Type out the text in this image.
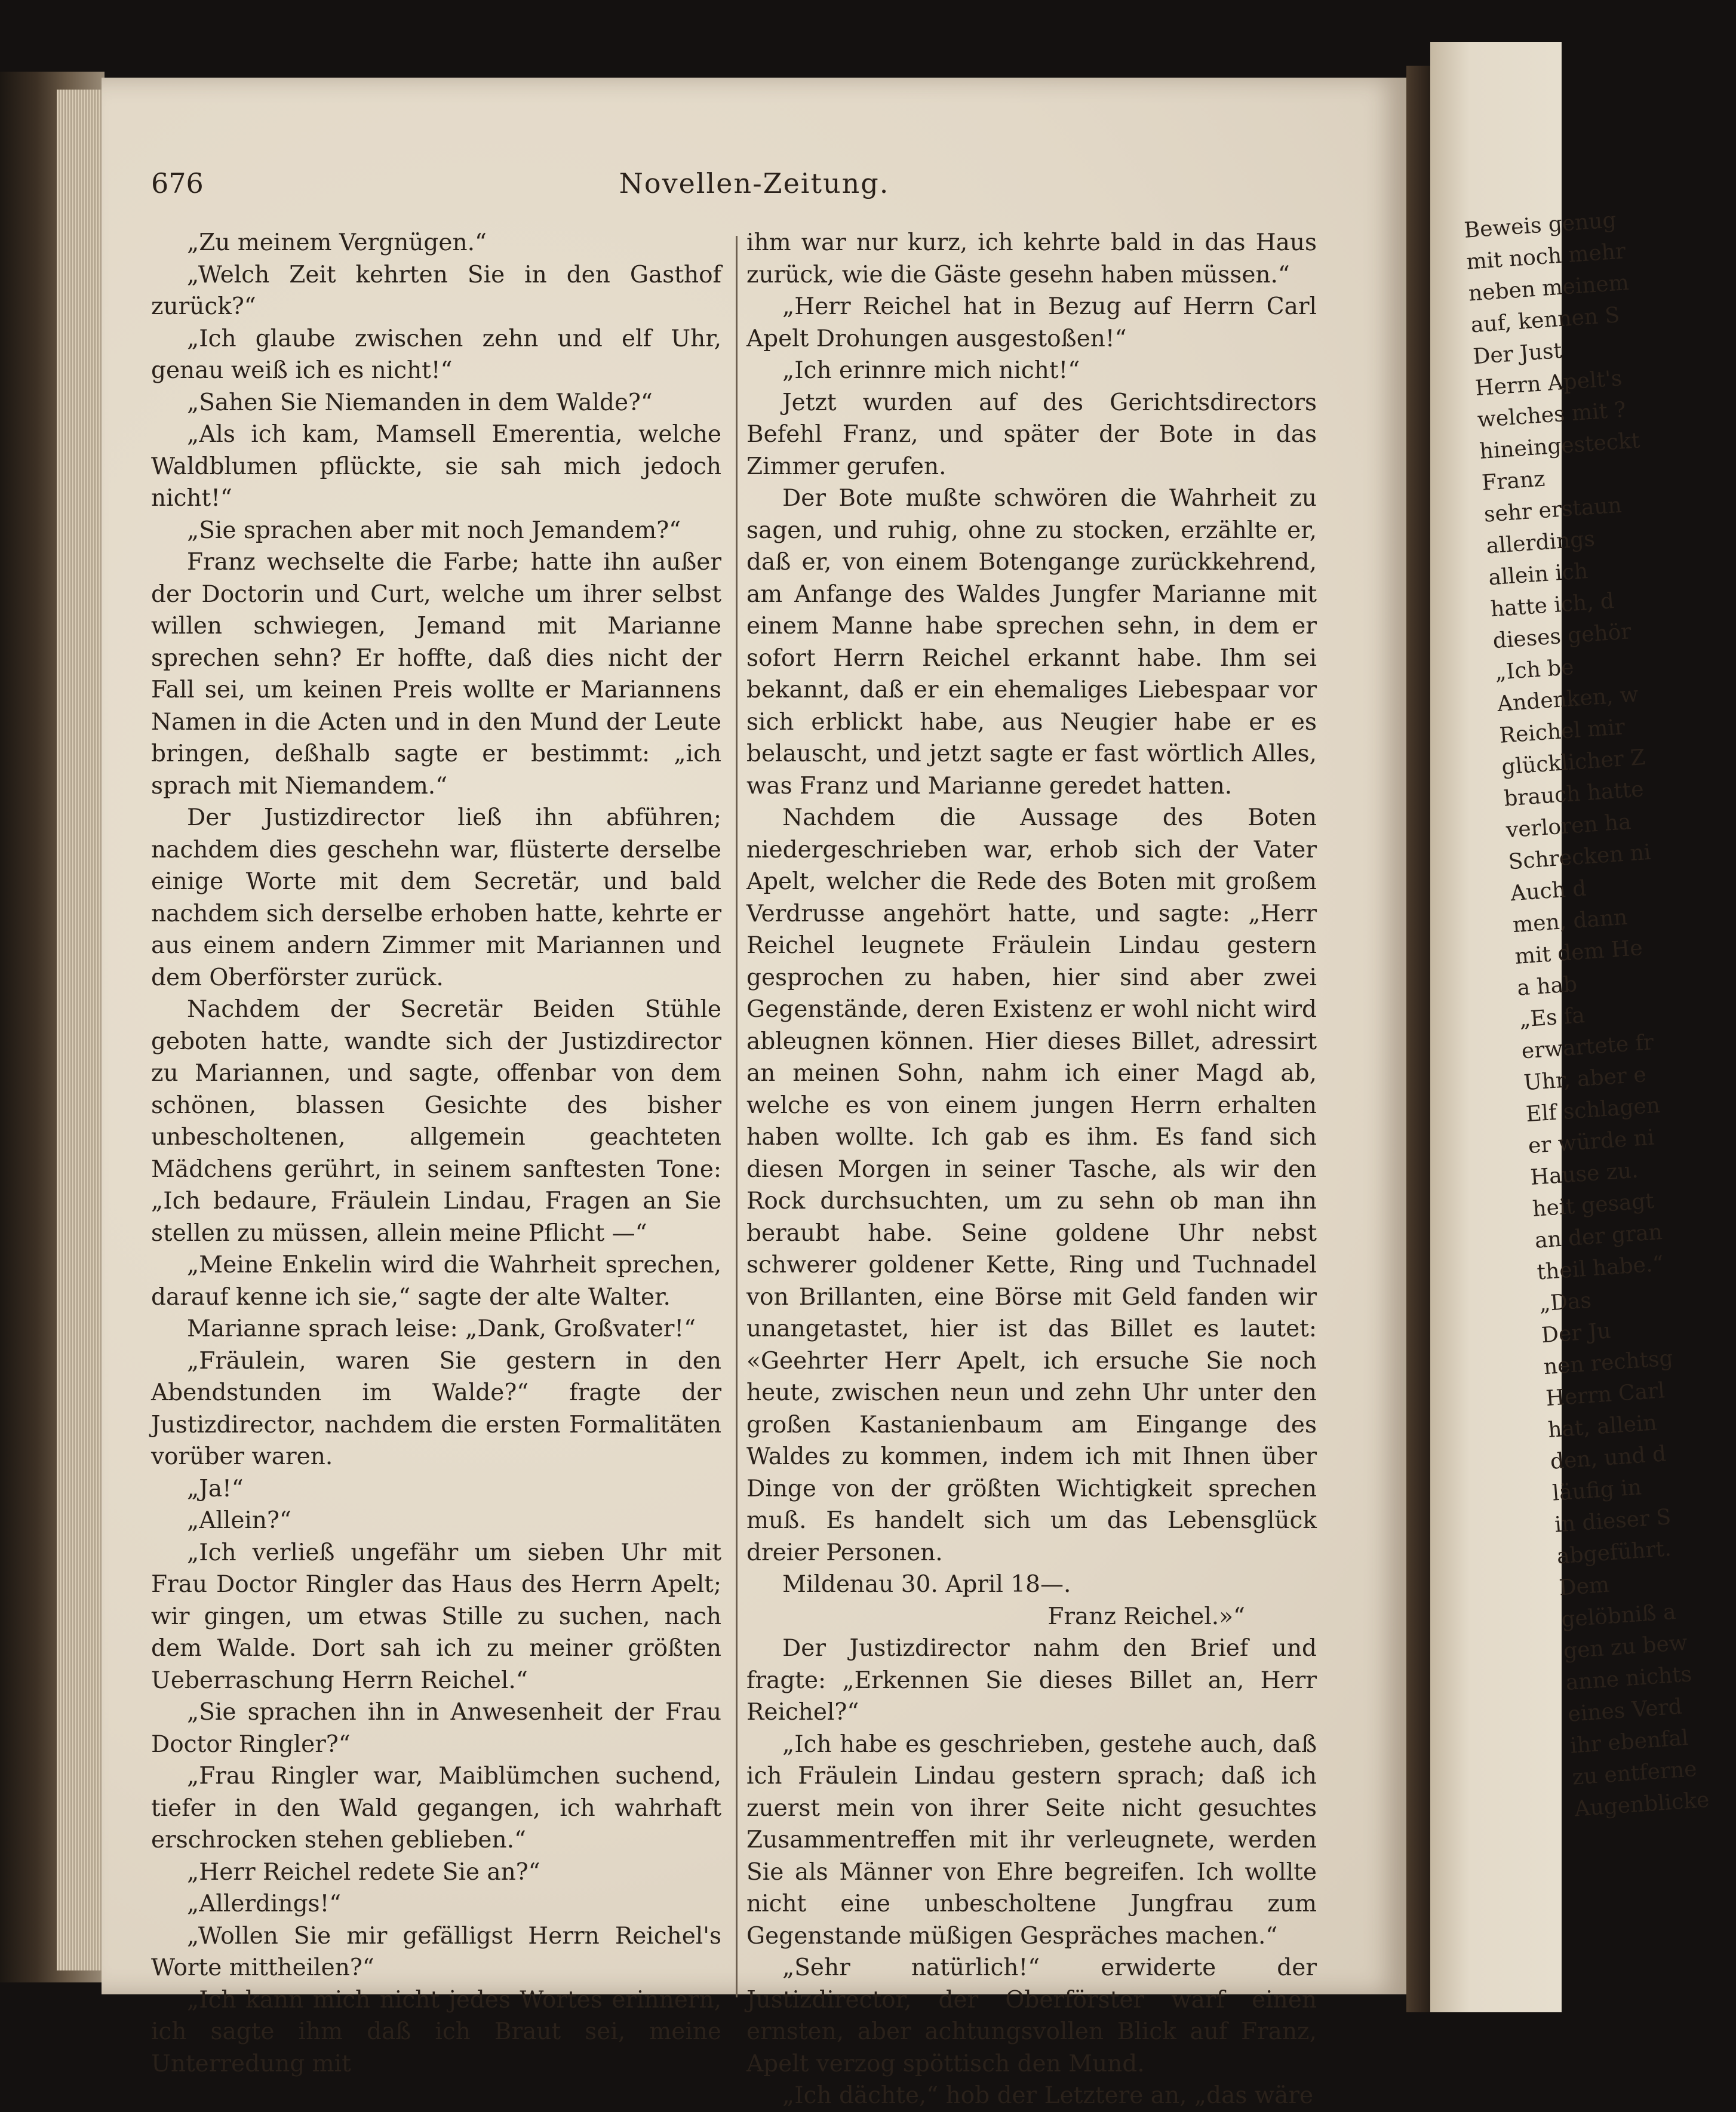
676	Novellen-Zeitung.

„Zu meinem Vergnügen.“

„Welch Zeit kehrten Sie in den Gasthof zurück?“

„Ich glaube zwischen zehn und elf Uhr, genau weiß ich es nicht!“

„Sahen Sie Niemanden in dem Walde?“

„Als ich kam, Mamsell Emerentia, welche Waldblumen pflückte, sie sah mich jedoch nicht!“

„Sie sprachen aber mit noch Jemandem?“

Franz wechselte die Farbe; hatte ihn außer der Doctorin und Curt, welche um ihrer selbst willen schwiegen, Jemand mit Marianne sprechen sehn? Er hoffte, daß dies nicht der Fall sei, um keinen Preis wollte er Mariannens Namen in die Acten und in den Mund der Leute bringen, deßhalb sagte er bestimmt: „ich sprach mit Niemandem.“

Der Justizdirector ließ ihn abführen; nachdem dies geschehn war, flüsterte derselbe einige Worte mit dem Secretär, und bald nachdem sich derselbe erhoben hatte, kehrte er aus einem andern Zimmer mit Mariannen und dem Oberförster zurück.

Nachdem der Secretär Beiden Stühle geboten hatte, wandte sich der Justizdirector zu Mariannen, und sagte, offenbar von dem schönen, blassen Gesichte des bisher unbescholtenen, allgemein geachteten Mädchens gerührt, in seinem sanftesten Tone: „Ich bedaure, Fräulein Lindau, Fragen an Sie stellen zu müssen, allein meine Pflicht —“

„Meine Enkelin wird die Wahrheit sprechen, darauf kenne ich sie,“ sagte der alte Walter.

Marianne sprach leise: „Dank, Großvater!“

„Fräulein, waren Sie gestern in den Abendstunden im Walde?“ fragte der Justizdirector, nachdem die ersten Formalitäten vorüber waren.

„Ja!“

„Allein?“

„Ich verließ ungefähr um sieben Uhr mit Frau Doctor Ringler das Haus des Herrn Apelt; wir gingen, um etwas Stille zu suchen, nach dem Walde. Dort sah ich zu meiner größten Ueberraschung Herrn Reichel.“

„Sie sprachen ihn in Anwesenheit der Frau Doctor Ringler?“

„Frau Ringler war, Maiblümchen suchend, tiefer in den Wald gegangen, ich wahrhaft erschrocken stehen geblieben.“

„Herr Reichel redete Sie an?“

„Allerdings!“

„Wollen Sie mir gefälligst Herrn Reichel's Worte mittheilen?“

„Ich kann mich nicht jedes Wortes erinnern, ich sagte ihm daß ich Braut sei, meine Unterredung mit

ihm war nur kurz, ich kehrte bald in das Haus zurück, wie die Gäste gesehn haben müssen.“

„Herr Reichel hat in Bezug auf Herrn Carl Apelt Drohungen ausgestoßen!“

„Ich erinnre mich nicht!“

Jetzt wurden auf des Gerichtsdirectors Befehl Franz, und später der Bote in das Zimmer gerufen.

Der Bote mußte schwören die Wahrheit zu sagen, und ruhig, ohne zu stocken, erzählte er, daß er, von einem Botengange zurückkehrend, am Anfange des Waldes Jungfer Marianne mit einem Manne habe sprechen sehn, in dem er sofort Herrn Reichel erkannt habe. Ihm sei bekannt, daß er ein ehemaliges Liebespaar vor sich erblickt habe, aus Neugier habe er es belauscht, und jetzt sagte er fast wörtlich Alles, was Franz und Marianne geredet hatten.

Nachdem die Aussage des Boten niedergeschrieben war, erhob sich der Vater Apelt, welcher die Rede des Boten mit großem Verdrusse angehört hatte, und sagte: „Herr Reichel leugnete Fräulein Lindau gestern gesprochen zu haben, hier sind aber zwei Gegenstände, deren Existenz er wohl nicht wird ableugnen können. Hier dieses Billet, adressirt an meinen Sohn, nahm ich einer Magd ab, welche es von einem jungen Herrn erhalten haben wollte. Ich gab es ihm. Es fand sich diesen Morgen in seiner Tasche, als wir den Rock durchsuchten, um zu sehn ob man ihn beraubt habe. Seine goldene Uhr nebst schwerer goldener Kette, Ring und Tuchnadel von Brillanten, eine Börse mit Geld fanden wir unangetastet, hier ist das Billet es lautet: «Geehrter Herr Apelt, ich ersuche Sie noch heute, zwischen neun und zehn Uhr unter den großen Kastanienbaum am Eingange des Waldes zu kommen, indem ich mit Ihnen über Dinge von der größten Wichtigkeit sprechen muß. Es handelt sich um das Lebensglück dreier Personen.

Mildenau 30. April 18—.

Franz Reichel.»“

Der Justizdirector nahm den Brief und fragte: „Erkennen Sie dieses Billet an, Herr Reichel?“

„Ich habe es geschrieben, gestehe auch, daß ich Fräulein Lindau gestern sprach; daß ich zuerst mein von ihrer Seite nicht gesuchtes Zusammentreffen mit ihr verleugnete, werden Sie als Männer von Ehre begreifen. Ich wollte nicht eine unbescholtene Jungfrau zum Gegenstande müßigen Gespräches machen.“

„Sehr natürlich!“ erwiderte der Justizdirector, der Oberförster warf einen ernsten, aber achtungsvollen Blick auf Franz, Apelt verzog spöttisch den Mund.

„Ich dächte,“ hob der Letztere an, „das wäre

Beweis genug
mit noch mehr
neben meinem
auf, kennen S
Der Just
Herrn Apelt's
welches mit ?
hineingesteckt
Franz
sehr erstaun
allerdings
allein ich
hatte ich, d
dieses gehör
„Ich be
Andenken, w
Reichel mir
glücklicher Z
brauch hatte
verloren ha
Schrecken ni
Auch d
men, dann
mit dem He
a hab
„Es fa
erwartete fr
Uhr, aber e
Elf schlagen
er würde ni
Hause zu.
heit gesagt
an der gran
theil habe.“
„Das
Der Ju
nen rechtsg
Herrn Carl
hat, allein
den, und d
läufig in
in dieser S
abgeführt.
Dem
gelöbniß a
gen zu bew
anne nichts
eines Verd
ihr ebenfal
zu entferne
Augenblicke
